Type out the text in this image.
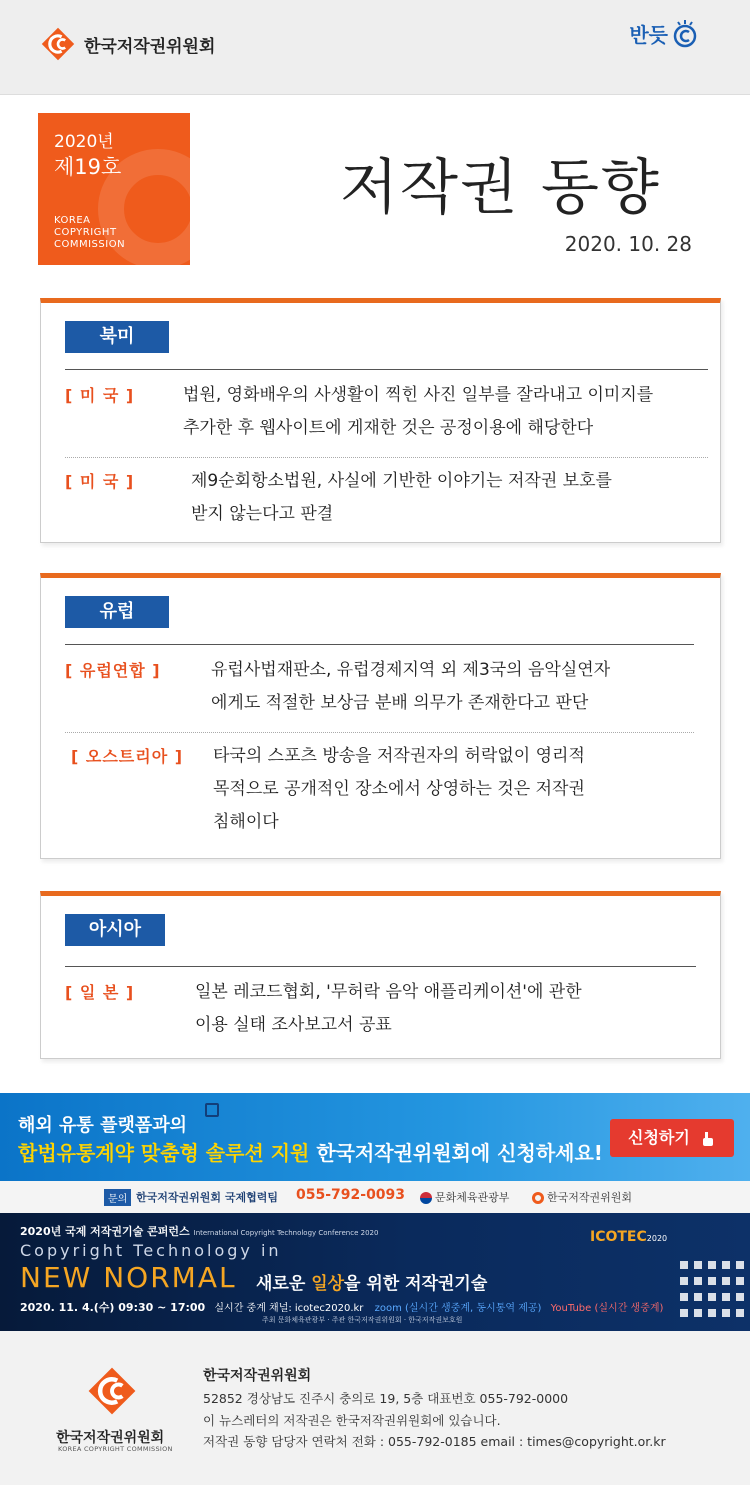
한국저작권위원회	반듯
2020년
제19호
KOREA
COPYRIGHT
COMMISSION
저작권 동향
2020. 10. 28
북미
[ 미 국 ]	법원, 영화배우의 사생활이 찍힌 사진 일부를 잘라내고 이미지를
추가한 후 웹사이트에 게재한 것은 공정이용에 해당한다
[ 미 국 ]	제9순회항소법원, 사실에 기반한 이야기는 저작권 보호를
받지 않는다고 판결
유럽
[ 유럽연합 ]	유럽사법재판소, 유럽경제지역 외 제3국의 음악실연자
에게도 적절한 보상금 분배 의무가 존재한다고 판단
[ 오스트리아 ] 타국의 스포츠 방송을 저작권자의 허락없이 영리적
목적으로 공개적인 장소에서 상영하는 것은 저작권
침해이다
아시아
[ 일 본 ]	일본 레코드협회, '무허락 음악 애플리케이션'에 관한
이용 실태 조사보고서 공표
해외 유통 플랫폼과의
합법유통계약 맞춤형 솔루션 지원 한국저작권위원회에 신청하세요!
신청하기
문의 한국저작권위원회 국제협력팀 055-792-0093	문화체육관광부	한국저작권위원회
2020년 국제 저작권기술 콘퍼런스 International Copyright Technology Conference 2020
Copyright Technology in
NEW NORMAL 새로운 일상을 위한 저작권기술
2020. 11. 4.(수) 09:30 ~ 17:00 실시간 중계 채널: icotec2020.kr zoom (실시간 생중계, 동시통역 제공) YouTube (실시간 생중계)
주최 문화체육관광부 · 주관 한국저작권위원회 · 한국저작권보호원
ICOTEC2020
한국저작권위원회
KOREA COPYRIGHT COMMISSION
한국저작권위원회
52852 경상남도 진주시 충의로 19, 5층 대표번호 055-792-0000
이 뉴스레터의 저작권은 한국저작권위원회에 있습니다.
저작권 동향 담당자 연락처 전화 : 055-792-0185 email : times@copyright.or.kr
